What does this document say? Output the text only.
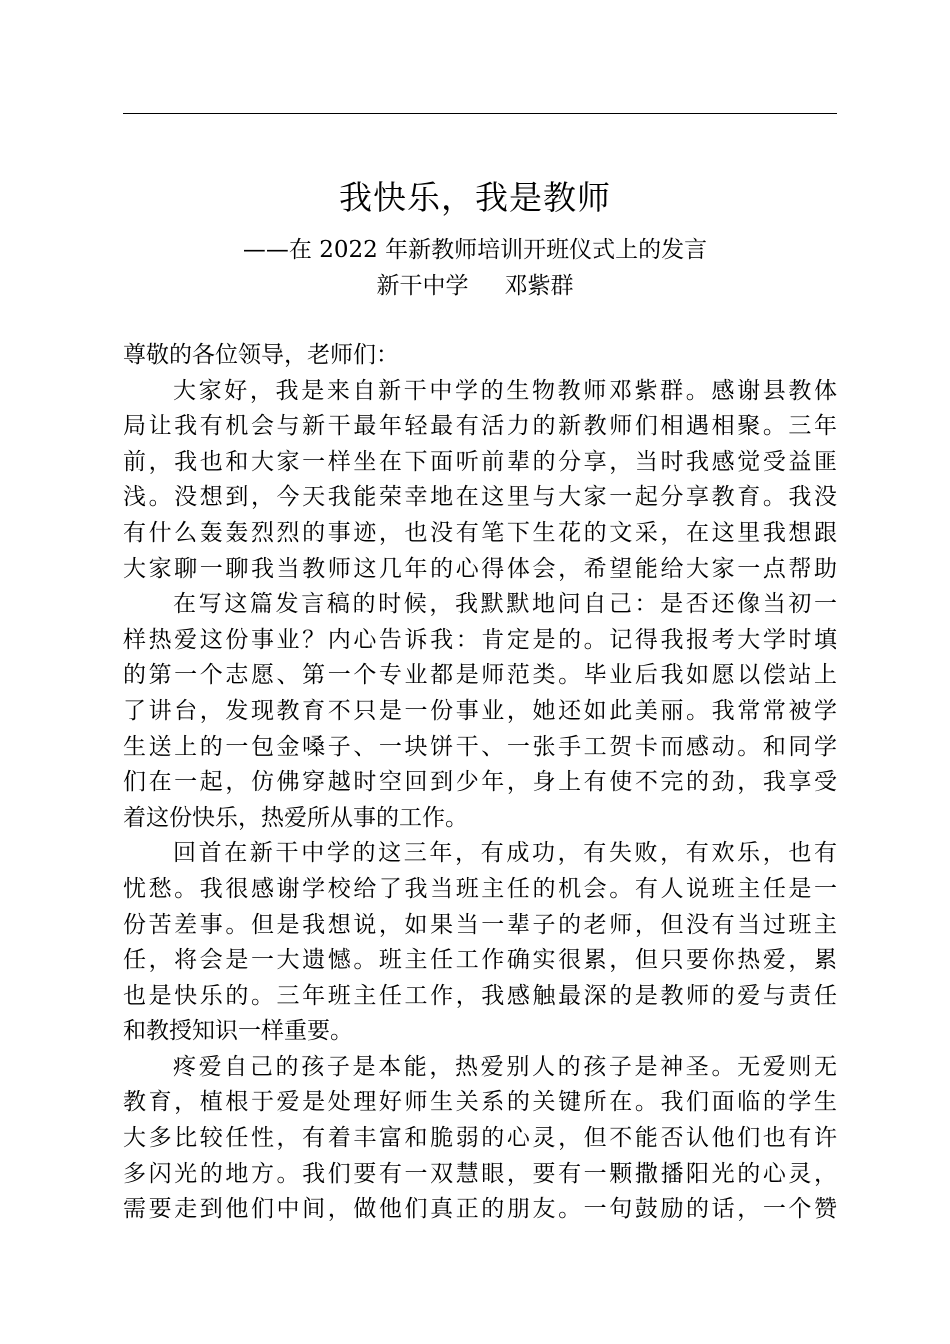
我快乐，我是教师
——在 2022 年新教师培训开班仪式上的发言
新干中学 邓紫群
尊敬的各位领导，老师们：
大家好，我是来自新干中学的生物教师邓紫群。感谢县教体
局让我有机会与新干最年轻最有活力的新教师们相遇相聚。三年
前，我也和大家一样坐在下面听前辈的分享，当时我感觉受益匪
浅。没想到，今天我能荣幸地在这里与大家一起分享教育。我没
有什么轰轰烈烈的事迹，也没有笔下生花的文采，在这里我想跟
大家聊一聊我当教师这几年的心得体会，希望能给大家一点帮助
在写这篇发言稿的时候，我默默地问自己：是否还像当初一
样热爱这份事业？内心告诉我：肯定是的。记得我报考大学时填
的第一个志愿、第一个专业都是师范类。毕业后我如愿以偿站上
了讲台，发现教育不只是一份事业，她还如此美丽。我常常被学
生送上的一包金嗓子、一块饼干、一张手工贺卡而感动。和同学
们在一起，仿佛穿越时空回到少年，身上有使不完的劲，我享受
着这份快乐，热爱所从事的工作。
回首在新干中学的这三年，有成功，有失败，有欢乐，也有
忧愁。我很感谢学校给了我当班主任的机会。有人说班主任是一
份苦差事。但是我想说，如果当一辈子的老师，但没有当过班主
任，将会是一大遗憾。班主任工作确实很累，但只要你热爱，累
也是快乐的。三年班主任工作，我感触最深的是教师的爱与责任
和教授知识一样重要。
疼爱自己的孩子是本能，热爱别人的孩子是神圣。无爱则无
教育，植根于爱是处理好师生关系的关键所在。我们面临的学生
大多比较任性，有着丰富和脆弱的心灵，但不能否认他们也有许
多闪光的地方。我们要有一双慧眼，要有一颗撒播阳光的心灵，
需要走到他们中间，做他们真正的朋友。一句鼓励的话，一个赞
